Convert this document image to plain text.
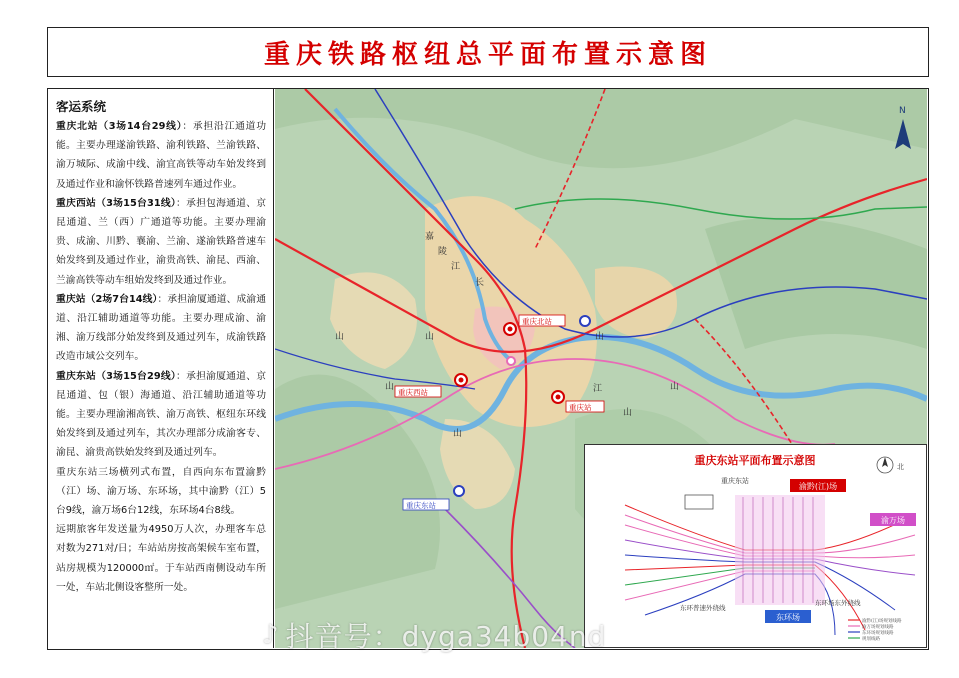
重庆铁路枢纽总平面布置示意图
客运系统

重庆北站（3场14台29线）：承担沿江通道功能。主要办理遂渝铁路、渝利铁路、兰渝铁路、渝万城际、成渝中线、渝宜高铁等动车始发终到及通过作业和渝怀铁路普速列车通过作业。

重庆西站（3场15台31线）：承担包海通道、京昆通道、兰（西）广通道等功能。主要办理渝贵、成渝、川黔、襄渝、兰渝、遂渝铁路普速车始发终到及通过作业，渝贵高铁、渝昆、西渝、兰渝高铁等动车组始发终到及通过作业。

重庆站（2场7台14线）：承担渝厦通道、成渝通道、沿江辅助通道等功能。主要办理成渝、渝湘、渝万线部分始发终到及通过列车，成渝铁路改造市域公交列车。

重庆东站（3场15台29线）：承担渝厦通道、京昆通道、包（银）海通道、沿江辅助通道等功能。主要办理渝湘高铁、渝万高铁、枢纽东环线始发终到及通过列车，其次办理部分成渝客专、渝昆、渝贵高铁始发终到及通过列车。

重庆东站三场横列式布置，自西向东布置渝黔（江）场、渝万场、东环场，其中渝黔（江）5台9线，渝万场6台12线，东环场4台8线。

远期旅客年发送量为4950万人次，办理客车总对数为271对/日；车站站房按高架候车室布置，站房规模为120000㎡。于车站西南侧设动车所一处，车站北侧设客整所一处。

长
江
嘉
陵
江
山	山
山
山
山
山
山
重庆北站
重庆西站
重庆站
重庆东站
N
重庆东站平面布置示意图
重庆东站
北
渝黔(江)场
渝万场
东环场
东环普速外绕线
东环场东外绕线
渝黔(江)场规划线路
渝万场规划线路
东环场规划线路
规划线路
♪ 抖音号：dyga34b04nd
